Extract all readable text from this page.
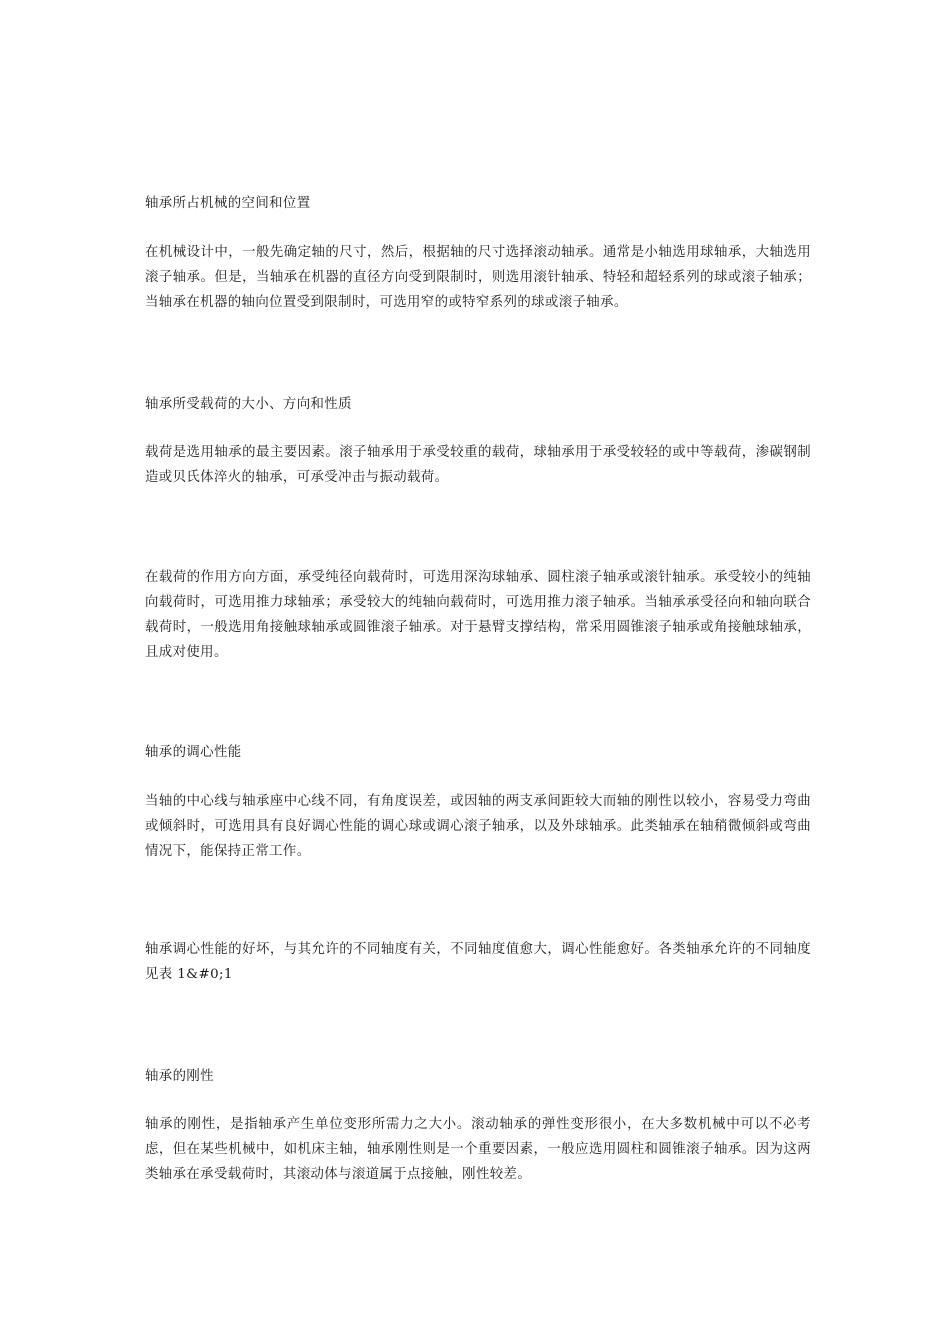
轴承所占机械的空间和位置

在机械设计中，一般先确定轴的尺寸，然后，根据轴的尺寸选择滚动轴承。通常是小轴选用球轴承，大轴选用滚子轴承。但是，当轴承在机器的直径方向受到限制时，则选用滚针轴承、特轻和超轻系列的球或滚子轴承；当轴承在机器的轴向位置受到限制时，可选用窄的或特窄系列的球或滚子轴承。

轴承所受载荷的大小、方向和性质

载荷是选用轴承的最主要因素。滚子轴承用于承受较重的载荷，球轴承用于承受较轻的或中等载荷，渗碳钢制造或贝氏体淬火的轴承，可承受冲击与振动载荷。

在载荷的作用方向方面，承受纯径向载荷时，可选用深沟球轴承、圆柱滚子轴承或滚针轴承。承受较小的纯轴向载荷时，可选用推力球轴承；承受较大的纯轴向载荷时，可选用推力滚子轴承。当轴承承受径向和轴向联合载荷时，一般选用角接触球轴承或圆锥滚子轴承。对于悬臂支撑结构，常采用圆锥滚子轴承或角接触球轴承，且成对使用。

轴承的调心性能

当轴的中心线与轴承座中心线不同，有角度误差，或因轴的两支承间距较大而轴的刚性以较小，容易受力弯曲或倾斜时，可选用具有良好调心性能的调心球或调心滚子轴承，以及外球轴承。此类轴承在轴稍微倾斜或弯曲情况下，能保持正常工作。

轴承调心性能的好坏，与其允许的不同轴度有关，不同轴度值愈大，调心性能愈好。各类轴承允许的不同轴度见表 1&#0;1

轴承的刚性

轴承的刚性，是指轴承产生单位变形所需力之大小。滚动轴承的弹性变形很小，在大多数机械中可以不必考虑，但在某些机械中，如机床主轴，轴承刚性则是一个重要因素，一般应选用圆柱和圆锥滚子轴承。因为这两类轴承在承受载荷时，其滚动体与滚道属于点接触，刚性较差。
